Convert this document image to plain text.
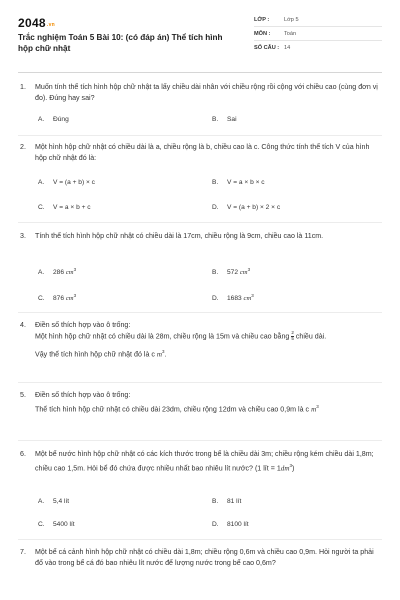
2048.vn
Trắc nghiệm Toán 5 Bài 10: (có đáp án) Thể tích hình hộp chữ nhật
LỚP :	Lớp 5
MÔN : Toán
SỐ CÂU : 14
1. Muốn tính thể tích hình hộp chữ nhật ta lấy chiều dài nhân với chiều rộng rồi cộng với chiều cao (cùng đơn vị đo). Đúng hay sai?
A. Đúng	B. Sai
2. Một hình hộp chữ nhật có chiều dài là a, chiều rộng là b, chiều cao là c. Công thức tính thể tích V của hình hộp chữ nhật đó là:
A. V = (a + b) × c	B. V = a × b × c
C. V = a × b + c	D. V = (a + b) × 2 × c
3. Tính thể tích hình hộp chữ nhật có chiều dài là 17cm, chiều rộng là 9cm, chiều cao là 11cm.
A. 286 $cm^3$	B. 572 $cm^3$
C. 876 $cm^3$	D. 1683 $cm^3$
4. Điền số thích hợp vào ô trống:
Một hình hộp chữ nhật có chiều dài là 28m, chiều rộng là 15m và chiều cao bằng $\frac{2}{5}$ chiều dài.
Vậy thể tích hình hộp chữ nhật đó là c $m^3$.
5. Điền số thích hợp vào ô trống:
Thể tích hình hộp chữ nhật có chiều dài 23dm, chiều rộng 12dm và chiều cao 0,9m là c $m^3$
6. Một bể nước hình hộp chữ nhật có các kích thước trong bể là chiều dài 3m; chiều rộng kém chiều dài 1,8m; chiều cao 1,5m. Hỏi bể đó chứa được nhiều nhất bao nhiêu lít nước? (1 lít = $1dm^3$)
A. 5,4 lít	B. 81 lít
C. 5400 lít	D. 8100 lít
7. Một bể cá cảnh hình hộp chữ nhật có chiều dài 1,8m; chiều rộng 0,6m và chiều cao 0,9m. Hỏi người ta phải đổ vào trong bể cá đó bao nhiêu lít nước để lượng nước trong bể cao 0,6m?
